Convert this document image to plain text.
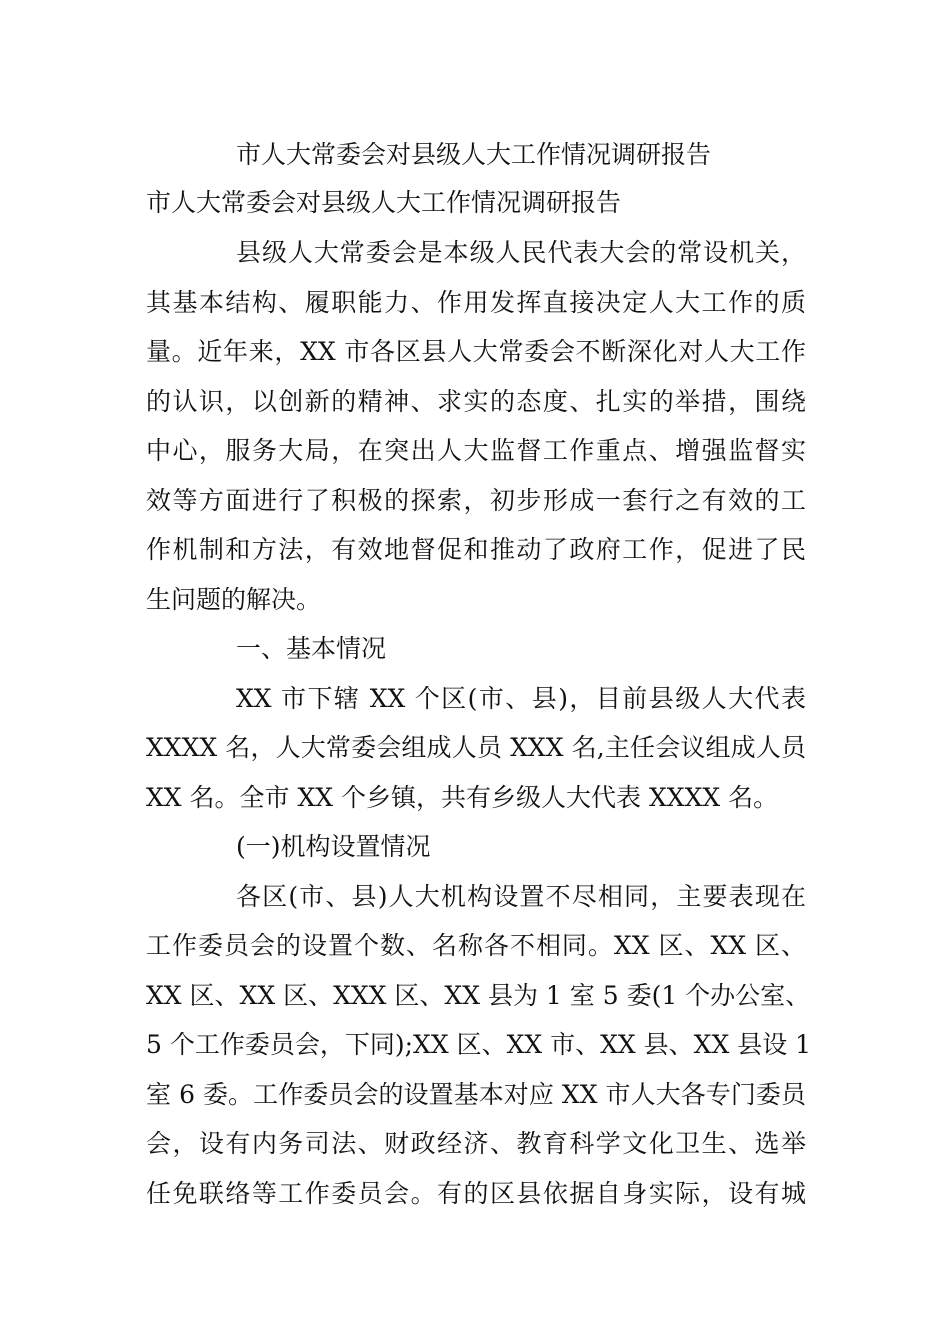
市人大常委会对县级人大工作情况调研报告
市人大常委会对县级人大工作情况调研报告
县级人大常委会是本级人民代表大会的常设机关，
其基本结构、履职能力、作用发挥直接决定人大工作的质
量。近年来，XX 市各区县人大常委会不断深化对人大工作
的认识，以创新的精神、求实的态度、扎实的举措，围绕
中心，服务大局，在突出人大监督工作重点、增强监督实
效等方面进行了积极的探索，初步形成一套行之有效的工
作机制和方法，有效地督促和推动了政府工作，促进了民
生问题的解决。
一、基本情况
XX 市下辖 XX 个区(市、县)，目前县级人大代表
XXXX 名，人大常委会组成人员 XXX 名,主任会议组成人员
XX 名。全市 XX 个乡镇，共有乡级人大代表 XXXX 名。
(一)机构设置情况
各区(市、县)人大机构设置不尽相同，主要表现在
工作委员会的设置个数、名称各不相同。XX 区、XX 区、
XX 区、XX 区、XXX 区、XX 县为 1 室 5 委(1 个办公室、
5 个工作委员会，下同);XX 区、XX 市、XX 县、XX 县设 1
室 6 委。工作委员会的设置基本对应 XX 市人大各专门委员
会，设有内务司法、财政经济、教育科学文化卫生、选举
任免联络等工作委员会。有的区县依据自身实际，设有城
